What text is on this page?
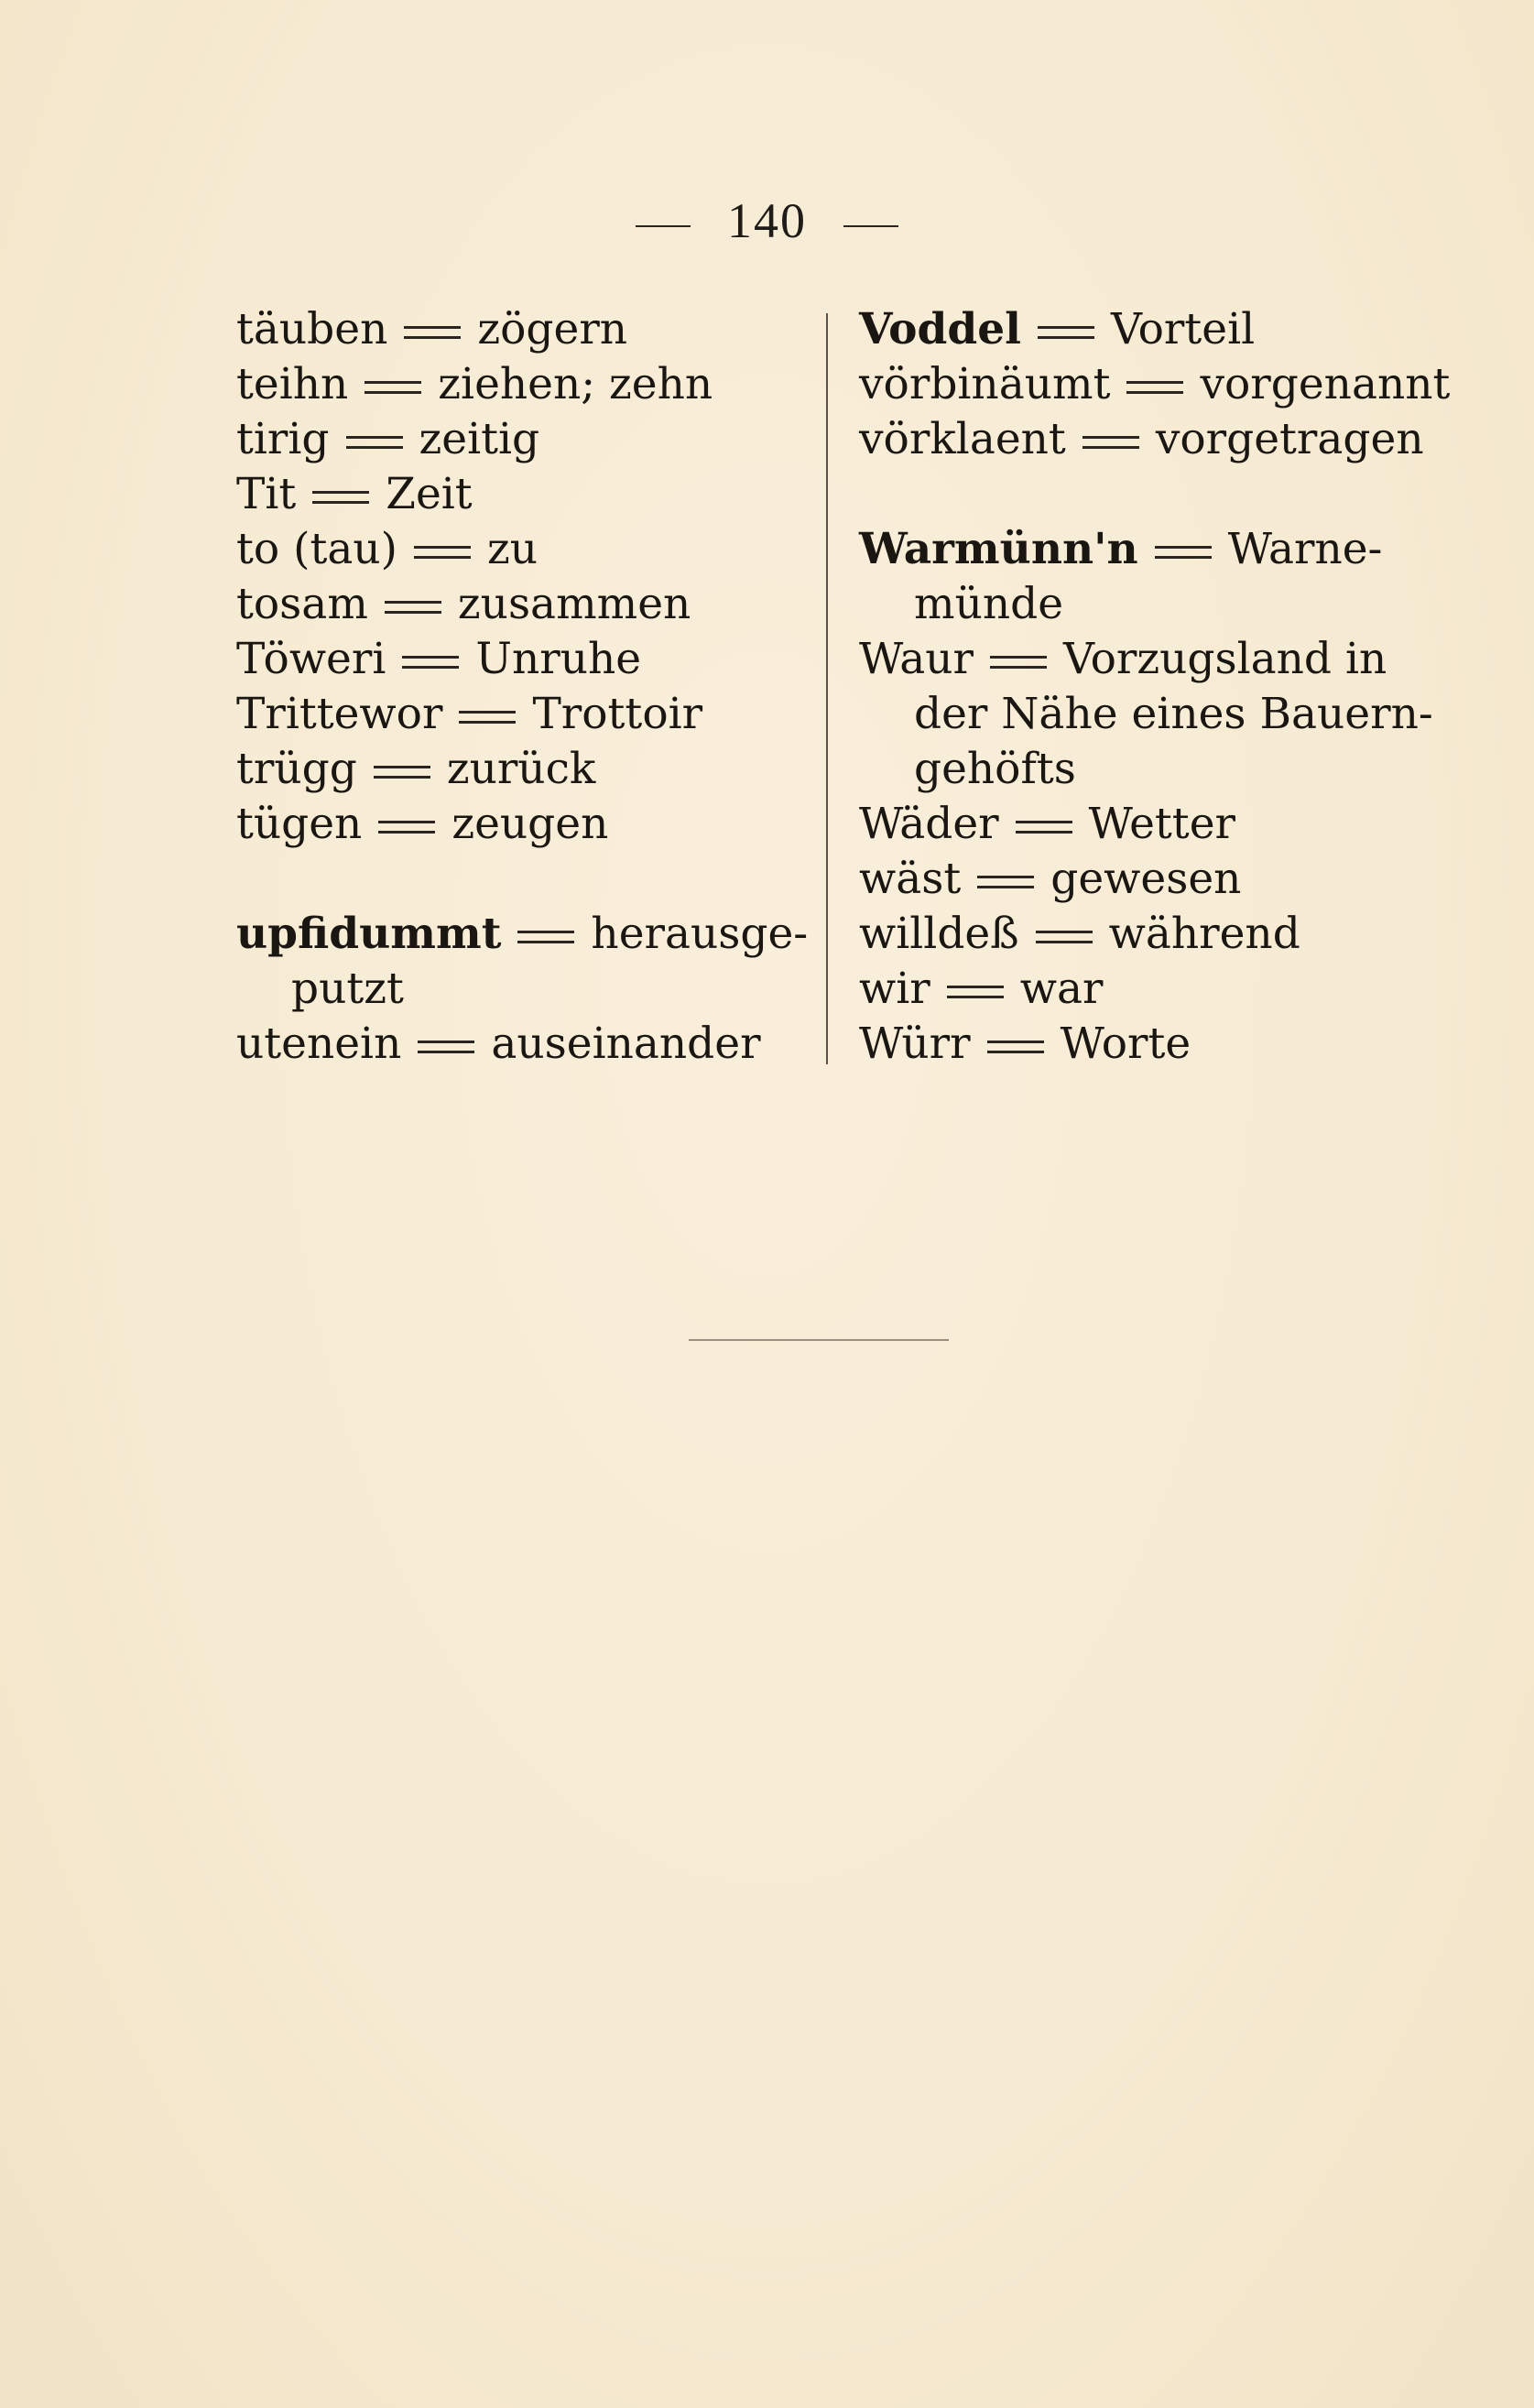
140
täuben zögern
teihn ziehen; zehn
tirig zeitig
Tit Zeit
to (tau) zu
tosam zusammen
Töweri Unruhe
Trittewor Trottoir
trügg zurück
tügen zeugen
upfidummt herausge-
putzt
utenein auseinander
Voddel Vorteil
vörbinäumt vorgenannt
vörklaent vorgetragen
Warmünn'n Warne-
münde
Waur Vorzugsland in
der Nähe eines Bauern-
gehöfts
Wäder Wetter
wäst gewesen
willdeß während
wir war
Würr Worte
